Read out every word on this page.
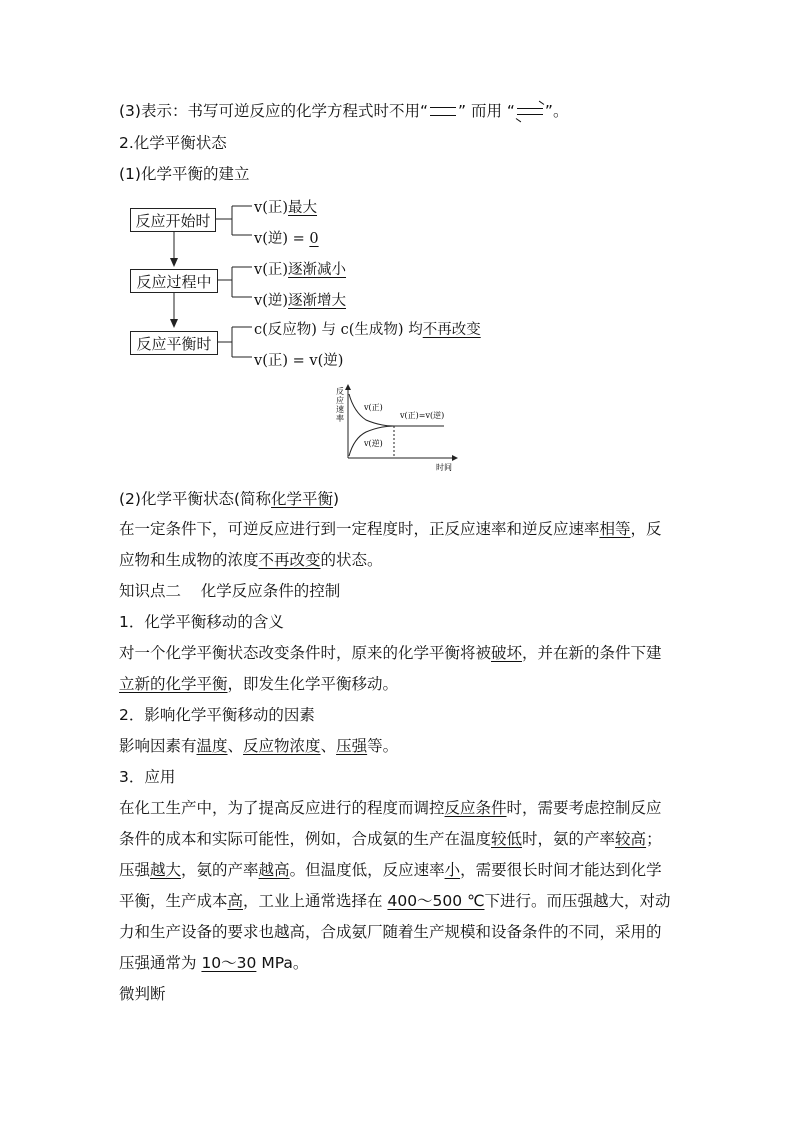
(3)表示：书写可逆反应的化学方程式时不用“ ” 而用 “ ”。
2.化学平衡状态
(1)化学平衡的建立
反应开始时
反应过程中
反应平衡时
v(正)最大
v(逆) = 0
v(正)逐渐减小
v(逆)逐渐增大
c(反应物) 与 c(生成物) 均不再改变
v(正) = v(逆)
反
应
速
率
v(正)
v(逆)
v(正)=v(逆)
时间
(2)化学平衡状态(简称化学平衡)
在一定条件下，可逆反应进行到一定程度时，正反应速率和逆反应速率相等，反
应物和生成物的浓度不再改变的状态。
知识点二    化学反应条件的控制
1．化学平衡移动的含义
对一个化学平衡状态改变条件时，原来的化学平衡将被破坏，并在新的条件下建
立新的化学平衡，即发生化学平衡移动。
2．影响化学平衡移动的因素
影响因素有温度、反应物浓度、压强等。
3．应用
在化工生产中，为了提高反应进行的程度而调控反应条件时，需要考虑控制反应
条件的成本和实际可能性，例如，合成氨的生产在温度较低时，氨的产率较高；
压强越大，氨的产率越高。但温度低，反应速率小，需要很长时间才能达到化学
平衡，生产成本高，工业上通常选择在 400～500 ℃下进行。而压强越大，对动
力和生产设备的要求也越高，合成氨厂随着生产规模和设备条件的不同，采用的
压强通常为 10～30 MPa。
微判断
